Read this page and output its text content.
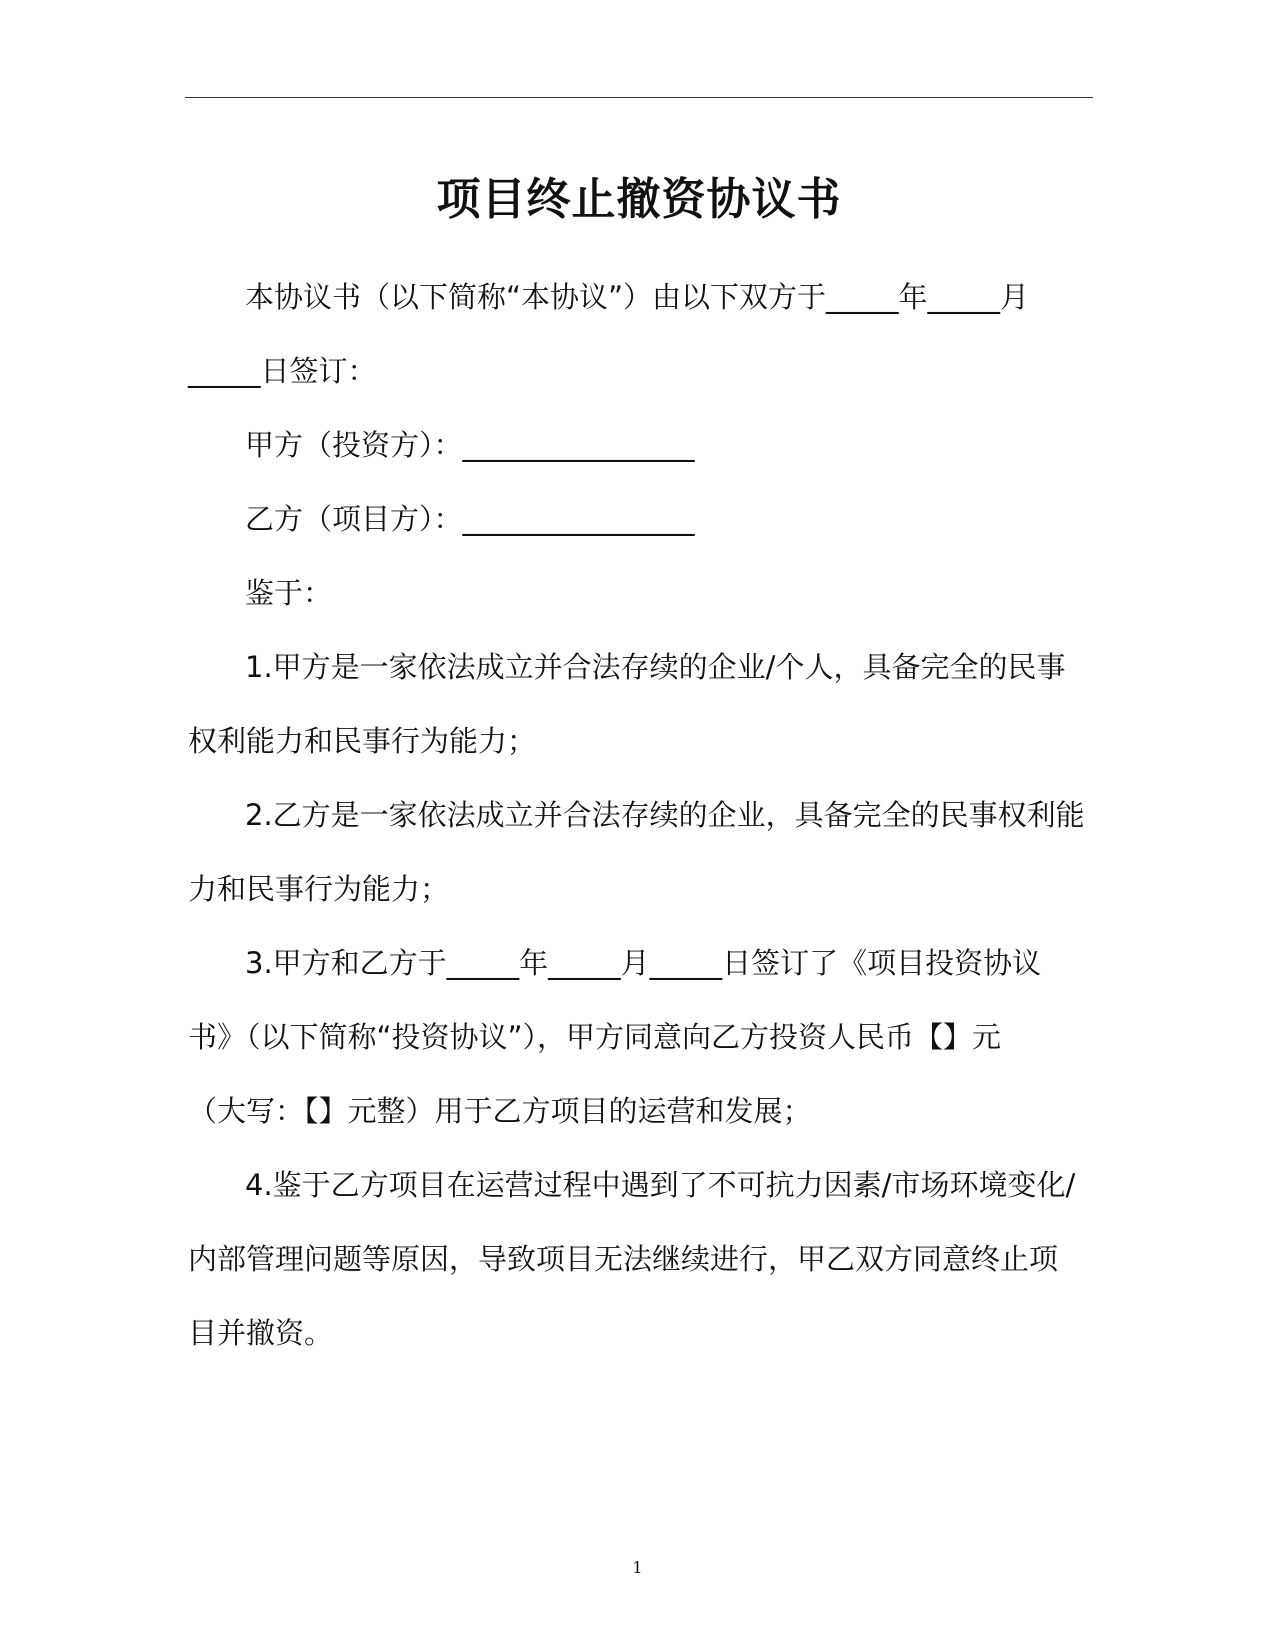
项目终止撤资协议书

本协议书（以下简称“本协议”）由以下双方于_____年_____月

_____日签订：

甲方（投资方）：________________

乙方（项目方）：________________

鉴于：

1.甲方是一家依法成立并合法存续的企业/个人，具备完全的民事

权利能力和民事行为能力；

2.乙方是一家依法成立并合法存续的企业，具备完全的民事权利能

力和民事行为能力；

3.甲方和乙方于_____年_____月_____日签订了《项目投资协议

书》（以下简称“投资协议”），甲方同意向乙方投资人民币【】元

（大写：【】元整）用于乙方项目的运营和发展；

4.鉴于乙方项目在运营过程中遇到了不可抗力因素/市场环境变化/

内部管理问题等原因，导致项目无法继续进行，甲乙双方同意终止项

目并撤资。

1
